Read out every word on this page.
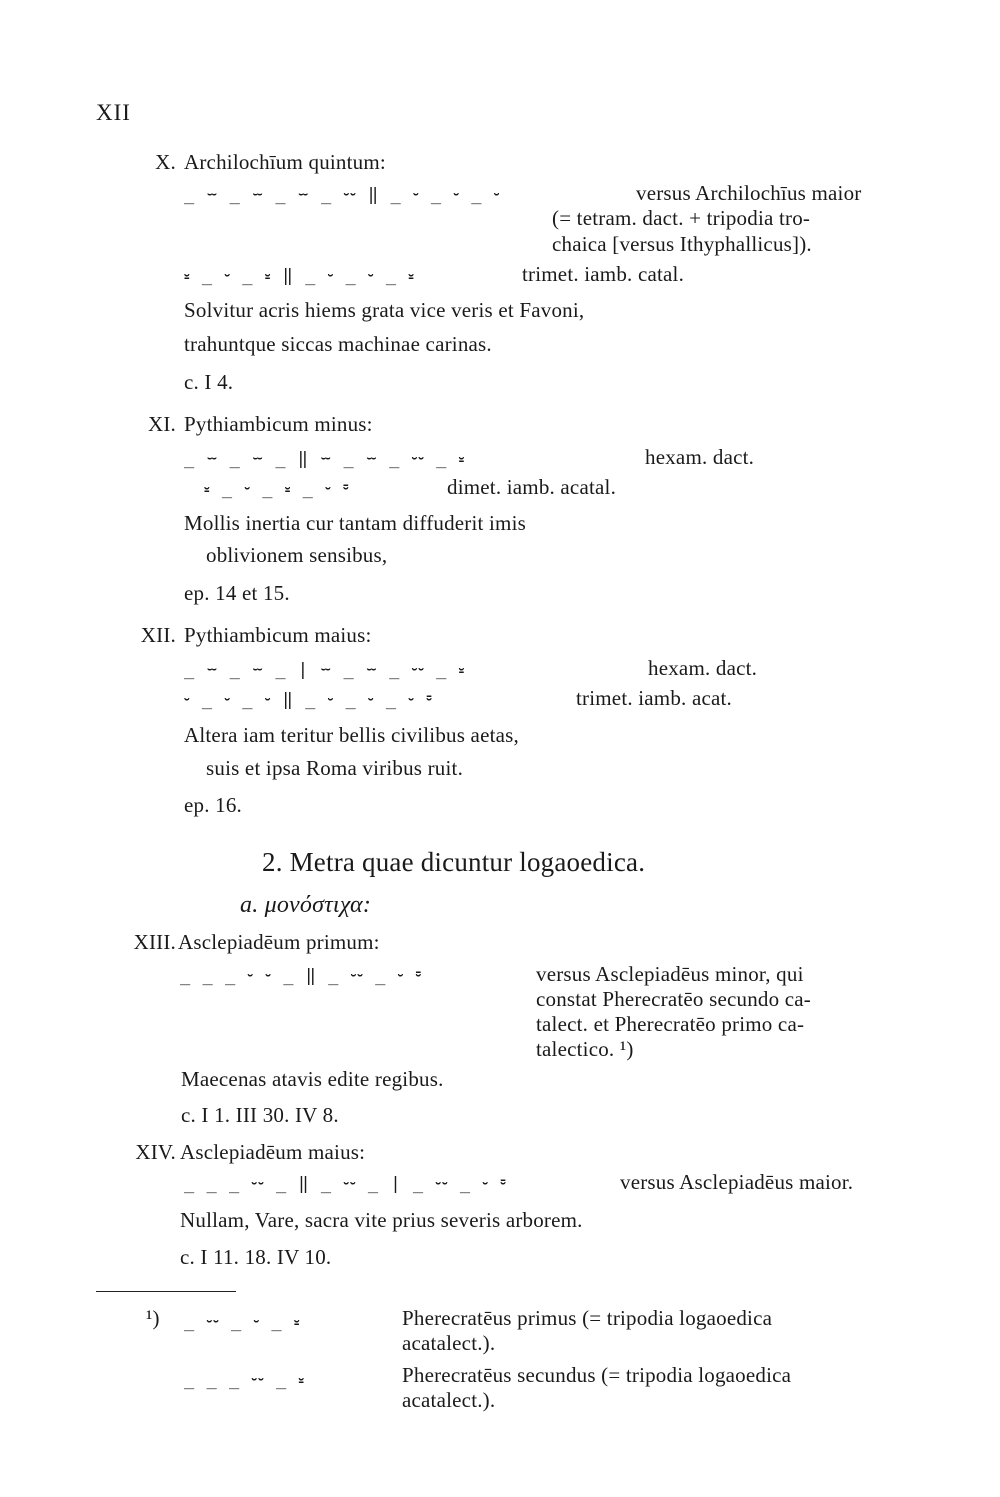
XII
X. Archilochīum quintum:
_ ⏖ _ ⏖ _ ⏖ _ ⏑⏑ ‖ _ ⏑ _ ⏑ _ ⏑	versus Archilochīus maior
(= tetram. dact. + tripodia tro-
chaica [versus Ithyphallicus]).
⏓ _ ⏑ _ ⏓ ‖ _ ⏑ _ ⏑ _ ⏓	trimet. iamb. catal.
Solvitur acris hiems grata vice veris et Favoni,
trahuntque siccas machinae carinas.
c. I 4.
XI. Pythiambicum minus:
_ ⏖ _ ⏖ _ ‖ ⏖ _ ⏖ _ ⏑⏑ _ ⏓	hexam. dact.
⏓ _ ⏑ _ ⏓ _ ⏑ ⏒	dimet. iamb. acatal.
Mollis inertia cur tantam diffuderit imis
oblivionem sensibus,
ep. 14 et 15.
XII. Pythiambicum maius:
_ ⏖ _ ⏖ _ | ⏖ _ ⏖ _ ⏑⏑ _ ⏓	hexam. dact.
⏑ _ ⏑ _ ⏑ ‖ _ ⏑ _ ⏑ _ ⏑ ⏒	trimet. iamb. acat.
Altera iam teritur bellis civilibus aetas,
suis et ipsa Roma viribus ruit.
ep. 16.
2. Metra quae dicuntur logaoedica.
a. μονόστιχα:
XIII. Asclepiadēum primum:
_ _ _ ⏑ ⏑ _ ‖ _ ⏑⏑ _ ⏑ ⏒	versus Asclepiadēus minor, qui
constat Pherecratēo secundo ca-
talect. et Pherecratēo primo ca-
talectico. ¹)
Maecenas atavis edite regibus.
c. I 1. III 30. IV 8.
XIV. Asclepiadēum maius:
_ _ _ ⏑⏑ _ ‖ _ ⏑⏑ _ | _ ⏑⏑ _ ⏑ ⏒	versus Asclepiadēus maior.
Nullam, Vare, sacra vite prius severis arborem.
c. I 11. 18. IV 10.
¹) _ ⏑⏑ _ ⏑ _ ⏓	Pherecratēus primus (= tripodia logaoedica
acatalect.).
_ _ _ ⏑⏑ _ ⏓	Pherecratēus secundus (= tripodia logaoedica
acatalect.).
